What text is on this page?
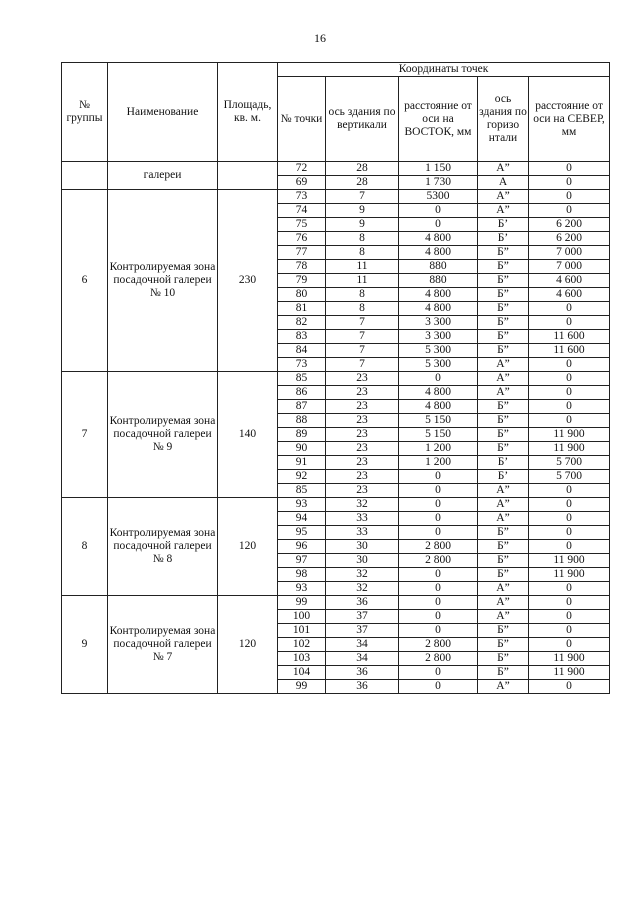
16
№ группы	Наименование	Площадь, кв. м.	Координаты точек				
			№ точки	ось здания по вертикали	расстояние от оси на ВОСТОК, мм	ось здания по горизо нтали	расстояние от оси на СЕВЕР, мм
	галереи		72	28	1 150	А”	0
			69	28	1 730	А	0
6	Контролируемая зона посадочной галереи № 10	230	73	7	5300	А”	0
			74	9	0	А”	0
			75	9	0	Б’	6 200
			76	8	4 800	Б’	6 200
			77	8	4 800	Б”	7 000
			78	11	880	Б”	7 000
			79	11	880	Б”	4 600
			80	8	4 800	Б”	4 600
			81	8	4 800	Б”	0
			82	7	3 300	Б”	0
			83	7	3 300	Б”	11 600
			84	7	5 300	Б”	11 600
			73	7	5 300	А”	0
7	Контролируемая зона посадочной галереи № 9	140	85	23	0	А”	0
			86	23	4 800	А”	0
			87	23	4 800	Б”	0
			88	23	5 150	Б”	0
			89	23	5 150	Б”	11 900
			90	23	1 200	Б”	11 900
			91	23	1 200	Б’	5 700
			92	23	0	Б’	5 700
			85	23	0	А”	0
8	Контролируемая зона посадочной галереи № 8	120	93	32	0	А”	0
			94	33	0	А”	0
			95	33	0	Б”	0
			96	30	2 800	Б”	0
			97	30	2 800	Б”	11 900
			98	32	0	Б”	11 900
			93	32	0	А”	0
9	Контролируемая зона посадочной галереи № 7	120	99	36	0	А”	0
			100	37	0	А”	0
			101	37	0	Б”	0
			102	34	2 800	Б”	0
			103	34	2 800	Б”	11 900
			104	36	0	Б”	11 900
			99	36	0	А”	0
